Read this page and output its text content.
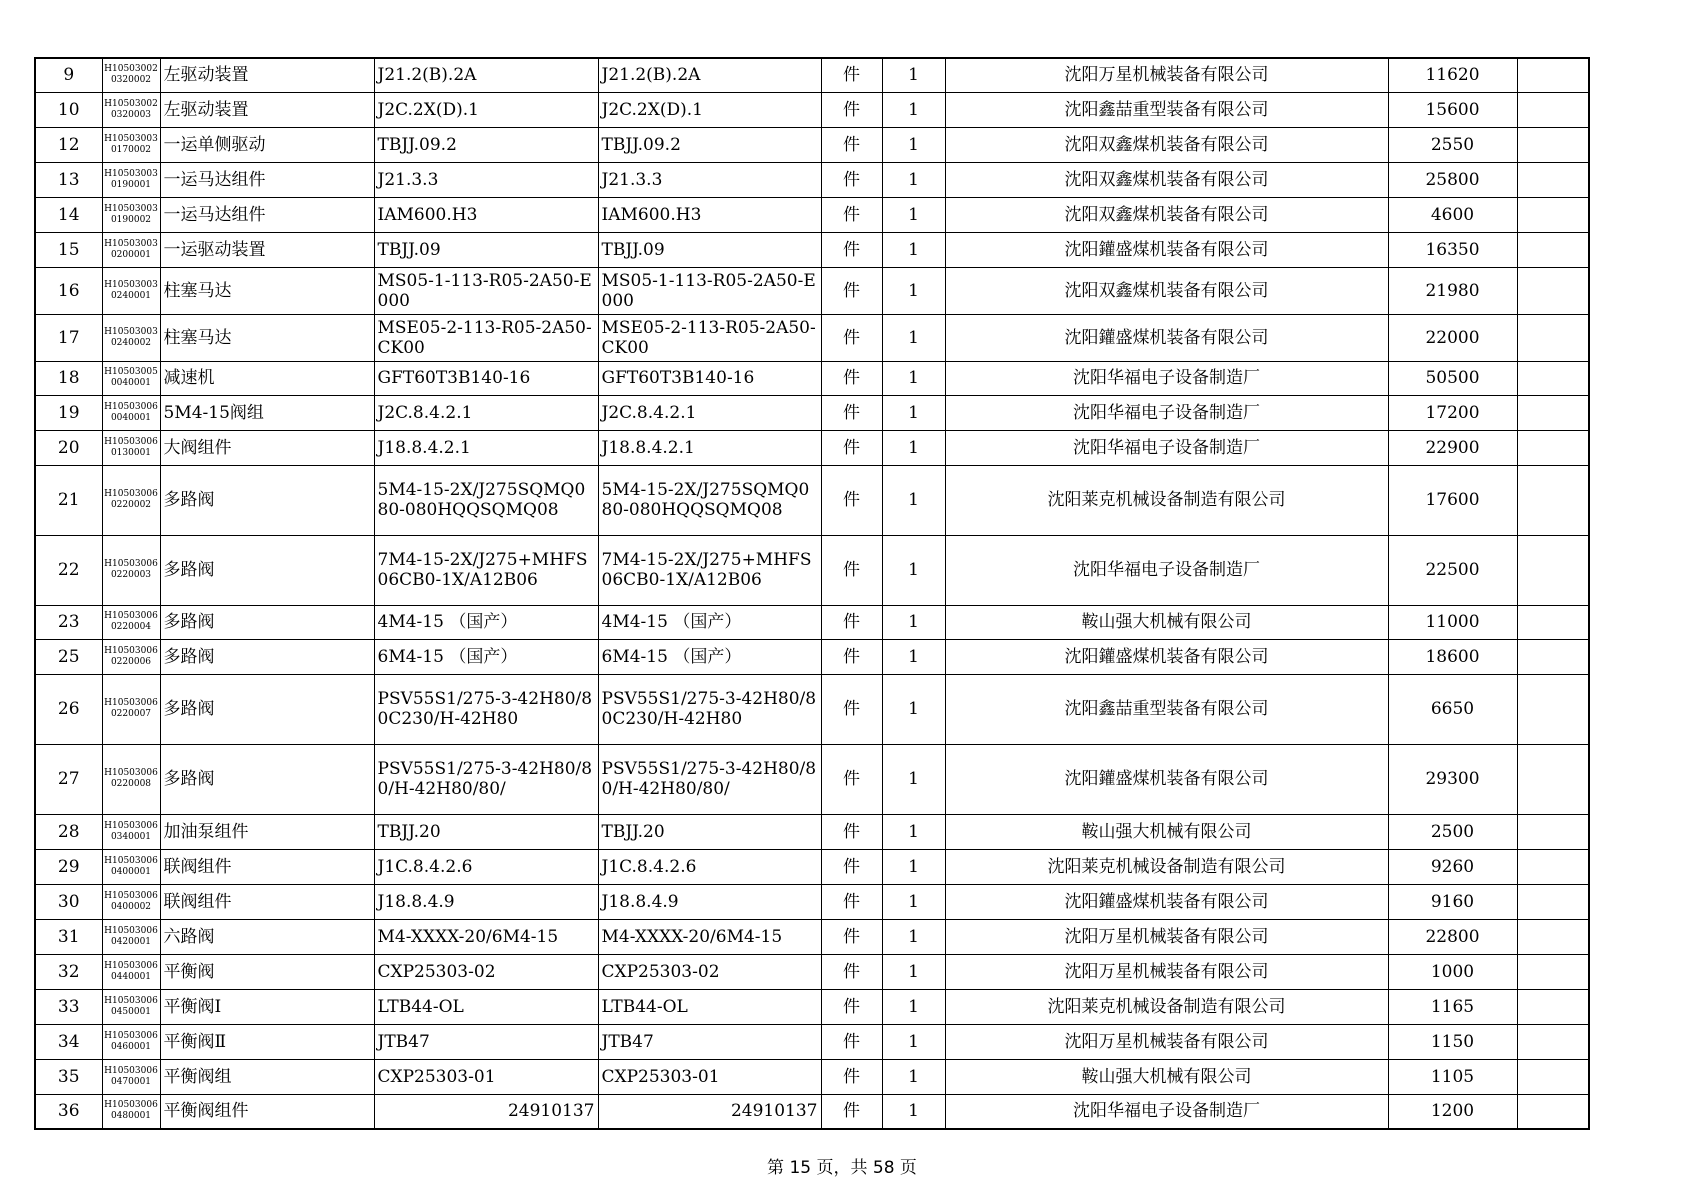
9	H105030020320002	左驱动装置	J21.2(B).2A	J21.2(B).2A	件	1	沈阳万星机械装备有限公司	11620	
10	H105030020320003	左驱动装置	J2C.2X(D).1	J2C.2X(D).1	件	1	沈阳鑫喆重型装备有限公司	15600	
12	H105030030170002	一运单侧驱动	TBJJ.09.2	TBJJ.09.2	件	1	沈阳双鑫煤机装备有限公司	2550	
13	H105030030190001	一运马达组件	J21.3.3	J21.3.3	件	1	沈阳双鑫煤机装备有限公司	25800	
14	H105030030190002	一运马达组件	IAM600.H3	IAM600.H3	件	1	沈阳双鑫煤机装备有限公司	4600	
15	H105030030200001	一运驱动装置	TBJJ.09	TBJJ.09	件	1	沈阳鑵盛煤机装备有限公司	16350	
16	H105030030240001	柱塞马达	MS05-1-113-R05-2A50-E000	MS05-1-113-R05-2A50-E000	件	1	沈阳双鑫煤机装备有限公司	21980	
17	H105030030240002	柱塞马达	MSE05-2-113-R05-2A50-CK00	MSE05-2-113-R05-2A50-CK00	件	1	沈阳鑵盛煤机装备有限公司	22000	
18	H105030050040001	减速机	GFT60T3B140-16	GFT60T3B140-16	件	1	沈阳华福电子设备制造厂	50500	
19	H105030060040001	5M4-15阀组	J2C.8.4.2.1	J2C.8.4.2.1	件	1	沈阳华福电子设备制造厂	17200	
20	H105030060130001	大阀组件	J18.8.4.2.1	J18.8.4.2.1	件	1	沈阳华福电子设备制造厂	22900	
21	H105030060220002	多路阀	5M4-15-2X/J275SQMQ080-080HQQSQMQ08	5M4-15-2X/J275SQMQ080-080HQQSQMQ08	件	1	沈阳莱克机械设备制造有限公司	17600	
22	H105030060220003	多路阀	7M4-15-2X/J275+MHFS06CB0-1X/A12B06	7M4-15-2X/J275+MHFS06CB0-1X/A12B06	件	1	沈阳华福电子设备制造厂	22500	
23	H105030060220004	多路阀	4M4-15 （国产）	4M4-15 （国产）	件	1	鞍山强大机械有限公司	11000	
25	H105030060220006	多路阀	6M4-15 （国产）	6M4-15 （国产）	件	1	沈阳鑵盛煤机装备有限公司	18600	
26	H105030060220007	多路阀	PSV55S1/275-3-42H80/80C230/H-42H80	PSV55S1/275-3-42H80/80C230/H-42H80	件	1	沈阳鑫喆重型装备有限公司	6650	
27	H105030060220008	多路阀	PSV55S1/275-3-42H80/80/H-42H80/80/	PSV55S1/275-3-42H80/80/H-42H80/80/	件	1	沈阳鑵盛煤机装备有限公司	29300	
28	H105030060340001	加油泵组件	TBJJ.20	TBJJ.20	件	1	鞍山强大机械有限公司	2500	
29	H105030060400001	联阀组件	J1C.8.4.2.6	J1C.8.4.2.6	件	1	沈阳莱克机械设备制造有限公司	9260	
30	H105030060400002	联阀组件	J18.8.4.9	J18.8.4.9	件	1	沈阳鑵盛煤机装备有限公司	9160	
31	H105030060420001	六路阀	M4-XXXX-20/6M4-15	M4-XXXX-20/6M4-15	件	1	沈阳万星机械装备有限公司	22800	
32	H105030060440001	平衡阀	CXP25303-02	CXP25303-02	件	1	沈阳万星机械装备有限公司	1000	
33	H105030060450001	平衡阀Ⅰ	LTB44-OL	LTB44-OL	件	1	沈阳莱克机械设备制造有限公司	1165	
34	H105030060460001	平衡阀Ⅱ	JTB47	JTB47	件	1	沈阳万星机械装备有限公司	1150	
35	H105030060470001	平衡阀组	CXP25303-01	CXP25303-01	件	1	鞍山强大机械有限公司	1105	
36	H105030060480001	平衡阀组件	24910137	24910137	件	1	沈阳华福电子设备制造厂	1200	
第 15 页，共 58 页
